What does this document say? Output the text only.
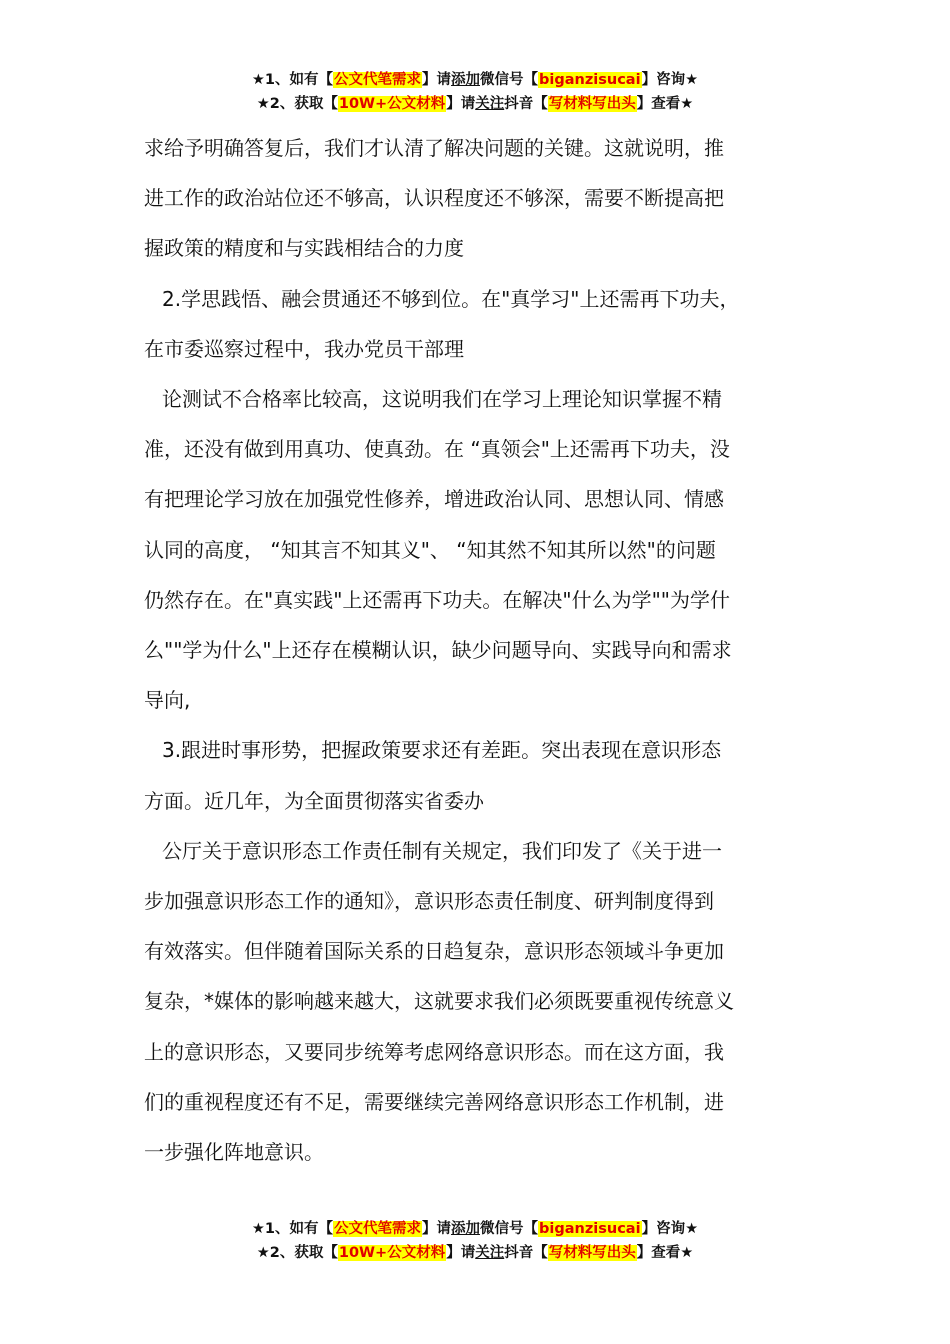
★1、如有【公文代笔需求】请添加微信号【biganzisucai】咨询★
★2、获取【10W+公文材料】请关注抖音【写材料写出头】查看★

求给予明确答复后，我们才认清了解决问题的关键。这就说明，推

进工作的政治站位还不够高，认识程度还不够深，需要不断提高把

握政策的精度和与实践相结合的力度

2.学思践悟、融会贯通还不够到位。在"真学习"上还需再下功夫，

在市委巡察过程中，我办党员干部理

论测试不合格率比较高，这说明我们在学习上理论知识掌握不精

准，还没有做到用真功、使真劲。在 “真领会"上还需再下功夫，没

有把理论学习放在加强党性修养，增进政治认同、思想认同、情感

认同的高度， “知其言不知其义"、 “知其然不知其所以然"的问题

仍然存在。在"真实践"上还需再下功夫。在解决"什么为学""为学什

么""学为什么"上还存在模糊认识，缺少问题导向、实践导向和需求

导向,

3.跟进时事形势，把握政策要求还有差距。突出表现在意识形态

方面。近几年，为全面贯彻落实省委办

公厅关于意识形态工作责任制有关规定，我们印发了《关于进一

步加强意识形态工作的通知》，意识形态责任制度、研判制度得到

有效落实。但伴随着国际关系的日趋复杂，意识形态领域斗争更加

复杂，*媒体的影响越来越大，这就要求我们必须既要重视传统意义

上的意识形态，又要同步统筹考虑网络意识形态。而在这方面，我

们的重视程度还有不足，需要继续完善网络意识形态工作机制，进

一步强化阵地意识。

★1、如有【公文代笔需求】请添加微信号【biganzisucai】咨询★
★2、获取【10W+公文材料】请关注抖音【写材料写出头】查看★
